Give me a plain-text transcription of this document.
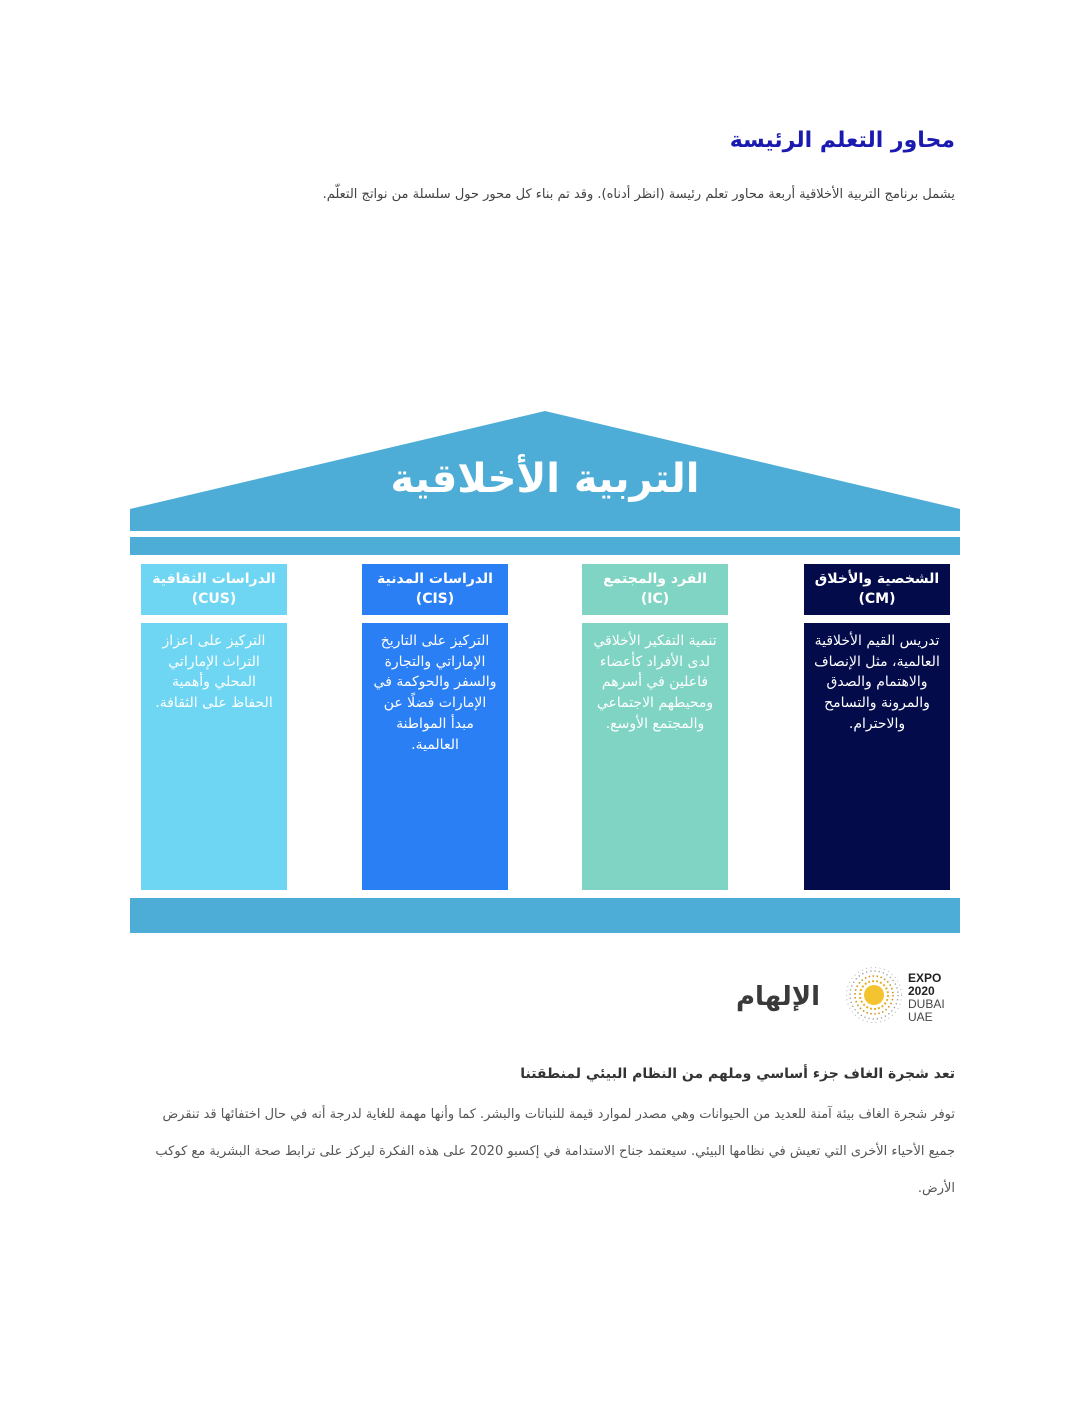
محاور التعلم الرئيسة
يشمل برنامج التربية الأخلاقية أربعة محاور تعلم رئيسة (انظر أدناه). وقد تم بناء كل محور حول سلسلة من نواتج التعلّم.
التربية الأخلاقية
الدراسات الثقافية
(CUS)
التركيز على اعزاز التراث الإماراتي المحلي وأهمية الحفاظ على الثقافة.
الدراسات المدنية
(CIS)
التركيز على التاريخ الإماراتي والتجارة والسفر والحوكمة في الإمارات فضلًا عن مبدأ المواطنة العالمية.
الفرد والمجتمع
(IC)
تنمية التفكير الأخلاقي لدى الأفراد كأعضاء فاعلين في أسرهم ومحيطهم الاجتماعي والمجتمع الأوسع.
الشخصية والأخلاق
(CM)
تدريس القيم الأخلاقية العالمية، مثل الإنصاف والاهتمام والصدق والمرونة والتسامح والاحترام.
الإلهام
EXPO
2020
DUBAI
UAE
تعد شجرة الغاف جزء أساسي وملهم من النظام البيئي لمنطقتنا
توفر شجرة الغاف بيئة آمنة للعديد من الحيوانات وهي مصدر لموارد قيمة للنباتات والبشر. كما وأنها مهمة للغاية لدرجة أنه في حال اختفائها قد تنقرض جميع الأحياء الأخرى التي تعيش في نظامها البيئي. سيعتمد جناح الاستدامة في إكسبو 2020 على هذه الفكرة ليركز على ترابط صحة البشرية مع كوكب الأرض.
